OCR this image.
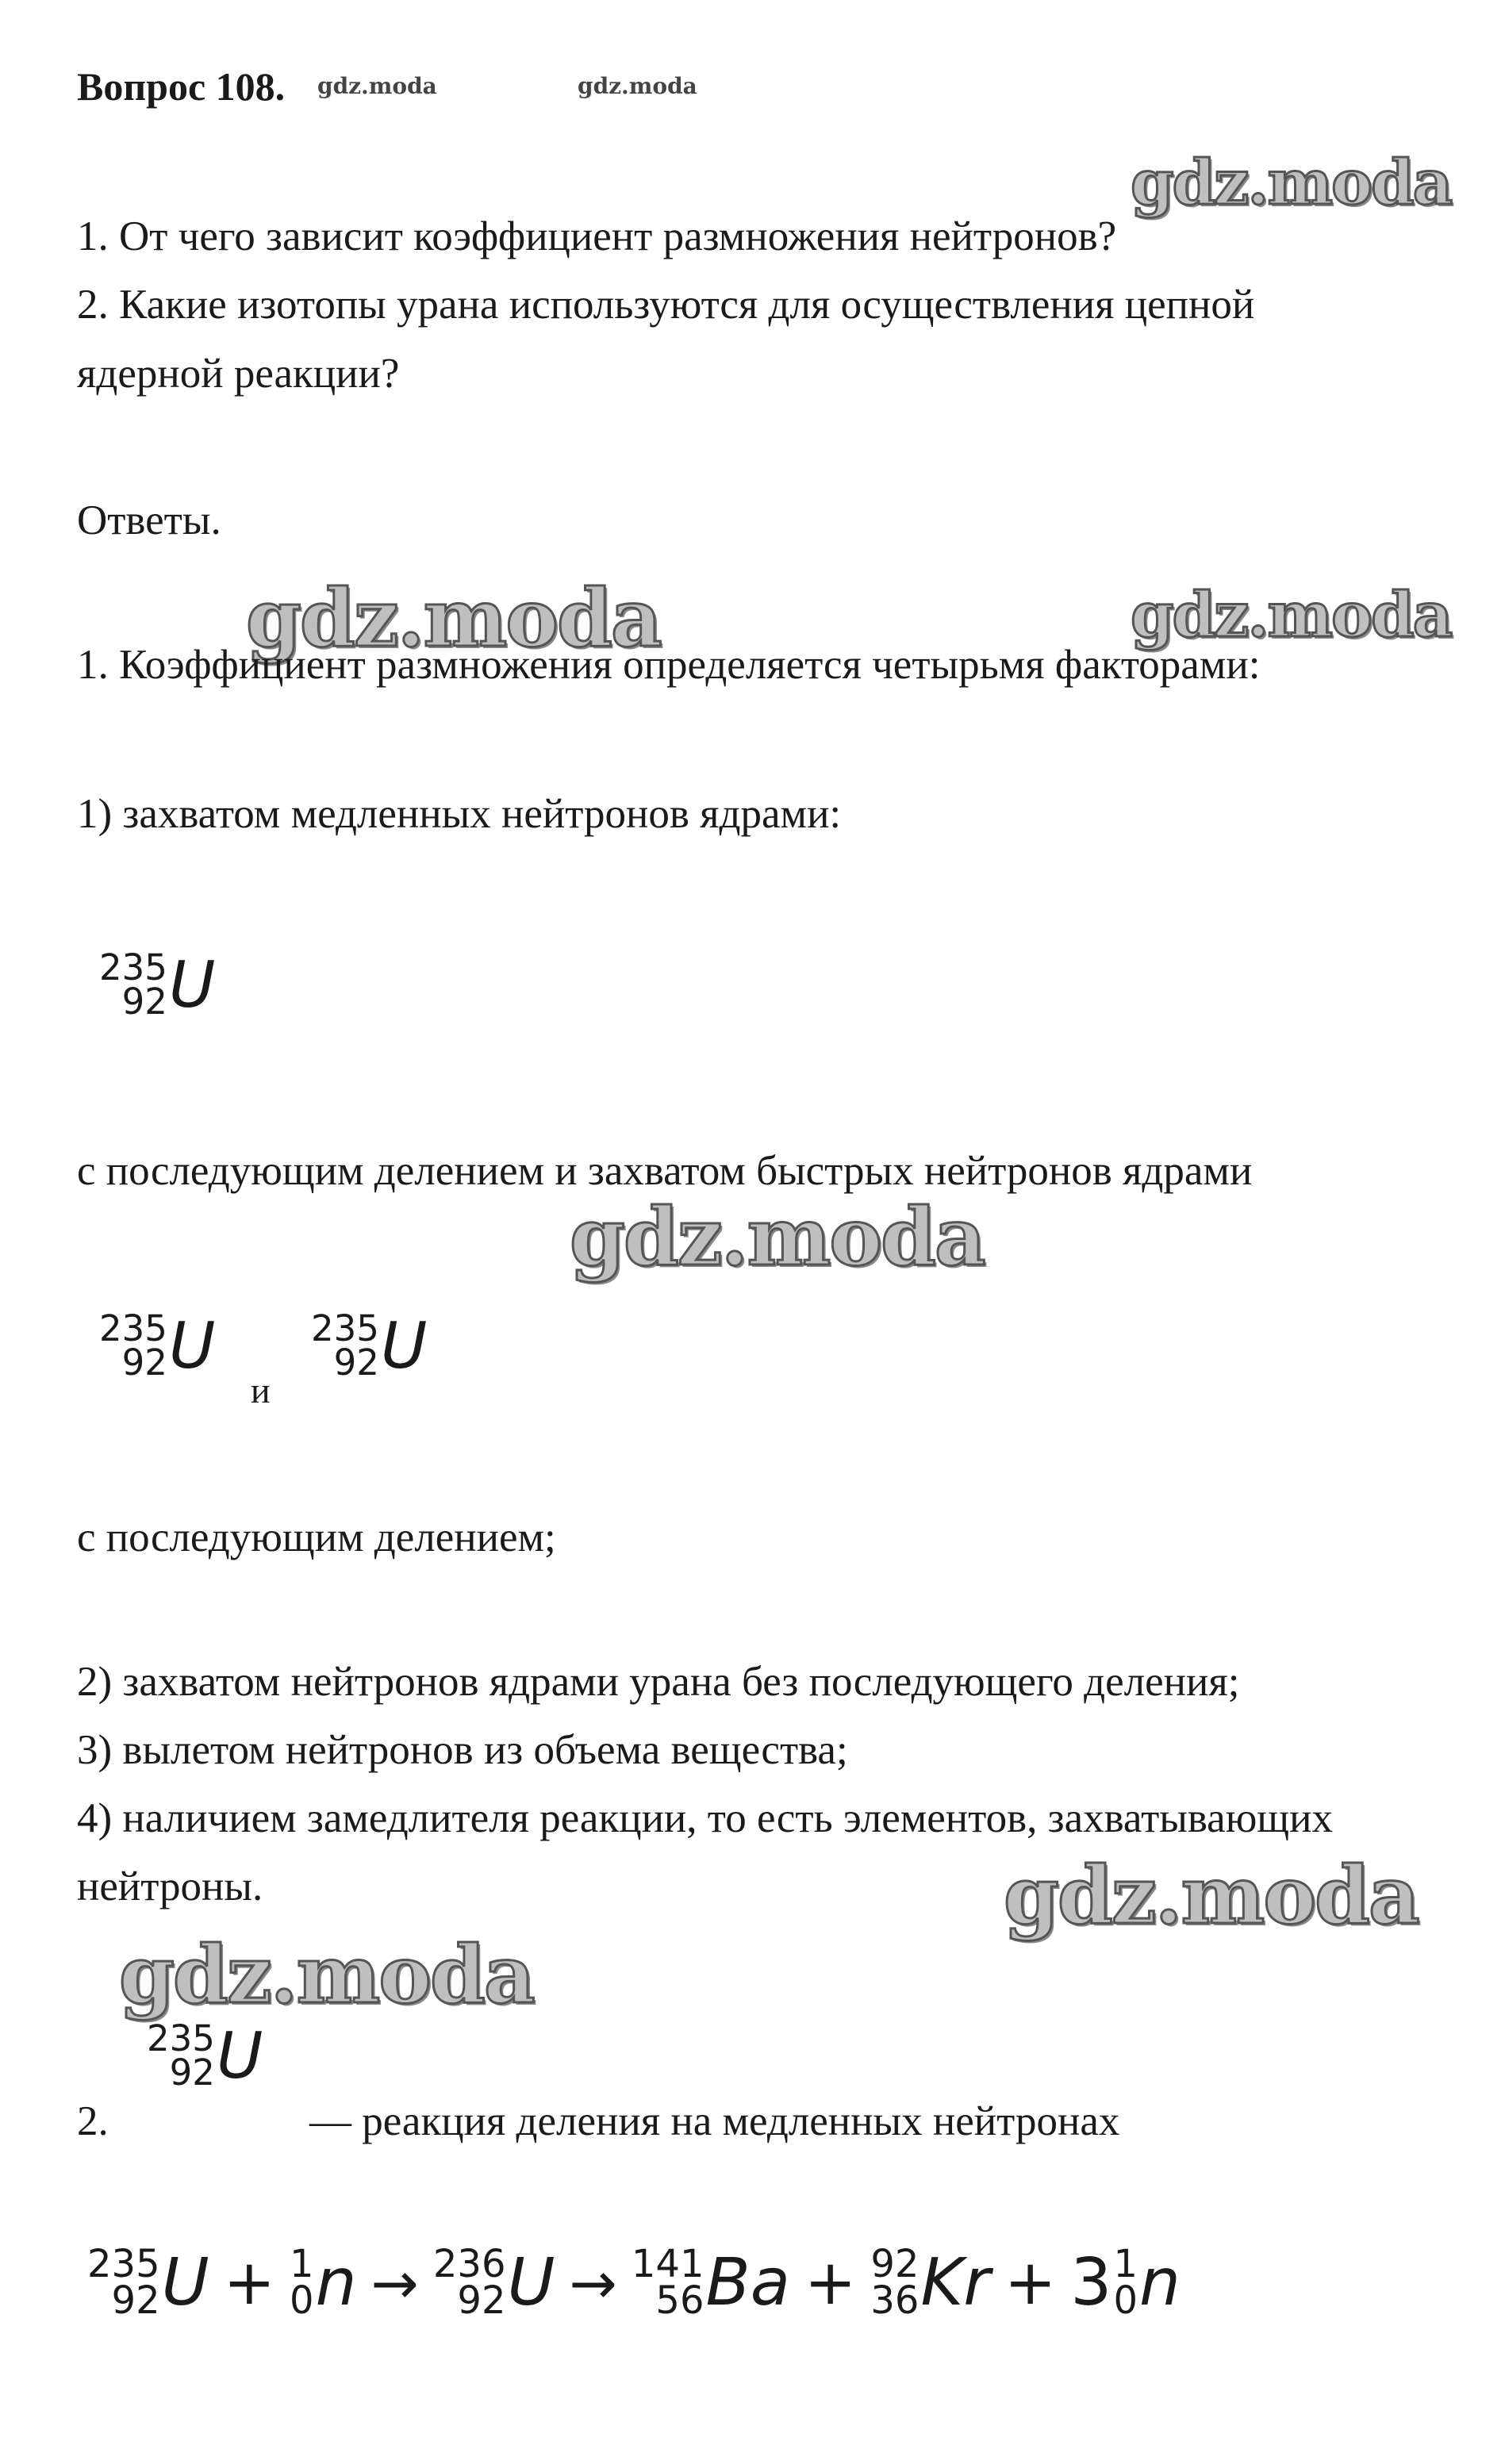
Вопрос 108. gdz.moda	gdz.moda
gdz.moda
gdz.moda	gdz.moda
gdz.moda
gdz.moda
gdz.moda
1. От чего зависит коэффициент размножения нейтронов?
2. Какие изотопы урана используются для осуществления цепной
ядерной реакции?
Ответы.
1. Коэффициент размножения определяется четырьмя факторами:
1) захватом медленных нейтронов ядрами:
235
92 U
с последующим делением и захватом быстрых нейтронов ядрами
235
92 U
и
235
92 U
с последующим делением;
2) захватом нейтронов ядрами урана без последующего деления;
3) вылетом нейтронов из объема вещества;
4) наличием замедлителя реакции, то есть элементов, захватывающих
нейтроны.
2.
235
92 U
— реакция деления на медленных нейтронах
235
92 U + 1
0 n → 236
92 U → 141
56 Ba + 92
36 Kr + 3 1
0 n
